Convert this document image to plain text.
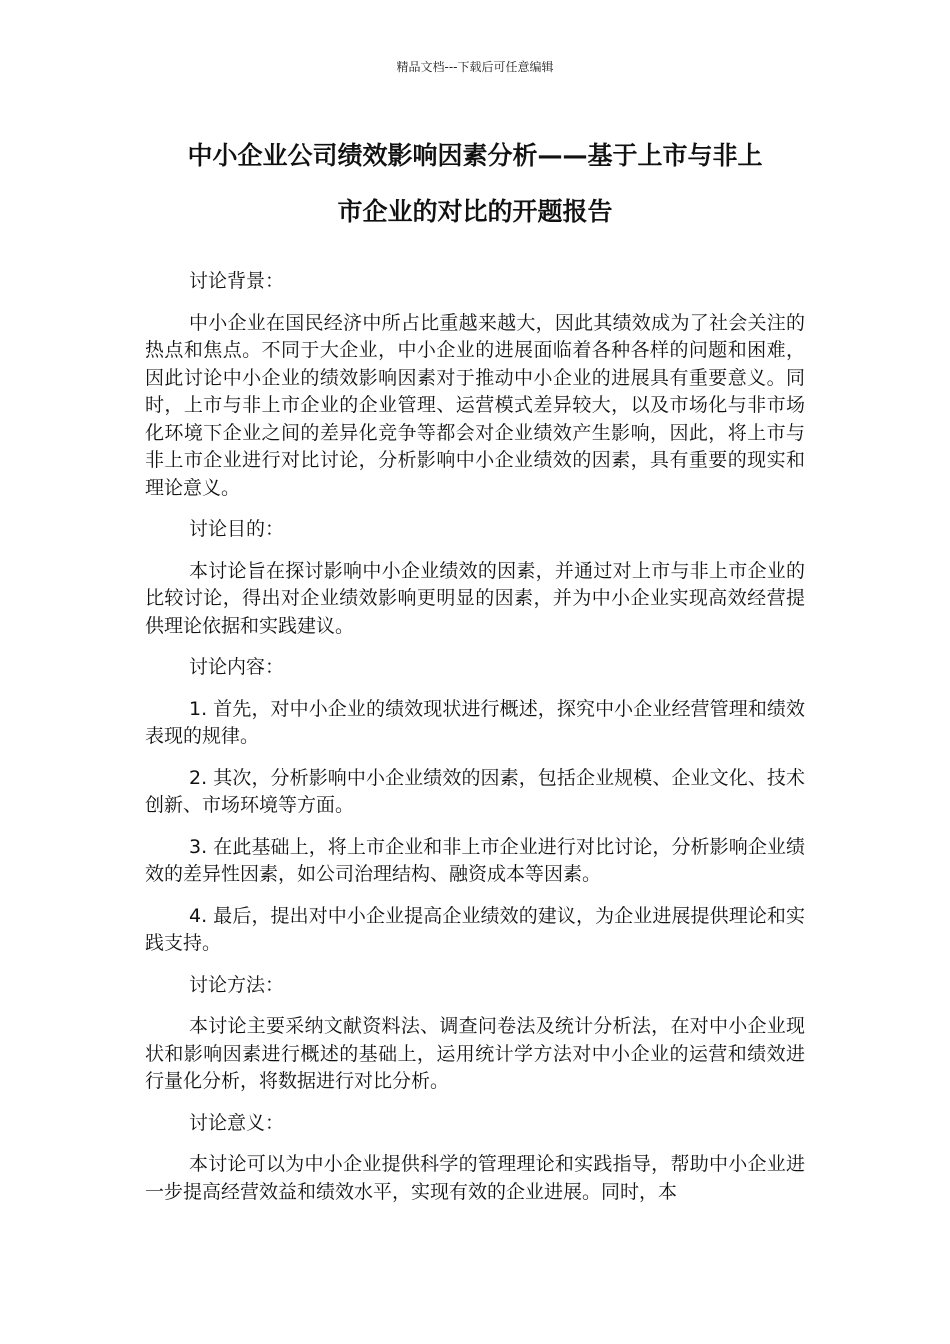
精品文档---下载后可任意编辑
中小企业公司绩效影响因素分析——基于上市与非上
市企业的对比的开题报告

讨论背景：

中小企业在国民经济中所占比重越来越大，因此其绩效成为了社会关注的热点和焦点。不同于大企业，中小企业的进展面临着各种各样的问题和困难，因此讨论中小企业的绩效影响因素对于推动中小企业的进展具有重要意义。同时，上市与非上市企业的企业管理、运营模式差异较大，以及市场化与非市场化环境下企业之间的差异化竞争等都会对企业绩效产生影响，因此，将上市与非上市企业进行对比讨论，分析影响中小企业绩效的因素，具有重要的现实和理论意义。

讨论目的：

本讨论旨在探讨影响中小企业绩效的因素，并通过对上市与非上市企业的比较讨论，得出对企业绩效影响更明显的因素，并为中小企业实现高效经营提供理论依据和实践建议。

讨论内容：

1. 首先，对中小企业的绩效现状进行概述，探究中小企业经营管理和绩效表现的规律。

2. 其次，分析影响中小企业绩效的因素，包括企业规模、企业文化、技术创新、市场环境等方面。

3. 在此基础上，将上市企业和非上市企业进行对比讨论，分析影响企业绩效的差异性因素，如公司治理结构、融资成本等因素。

4. 最后，提出对中小企业提高企业绩效的建议，为企业进展提供理论和实践支持。

讨论方法：

本讨论主要采纳文献资料法、调查问卷法及统计分析法，在对中小企业现状和影响因素进行概述的基础上，运用统计学方法对中小企业的运营和绩效进行量化分析，将数据进行对比分析。

讨论意义：

本讨论可以为中小企业提供科学的管理理论和实践指导，帮助中小企业进一步提高经营效益和绩效水平，实现有效的企业进展。同时，本
